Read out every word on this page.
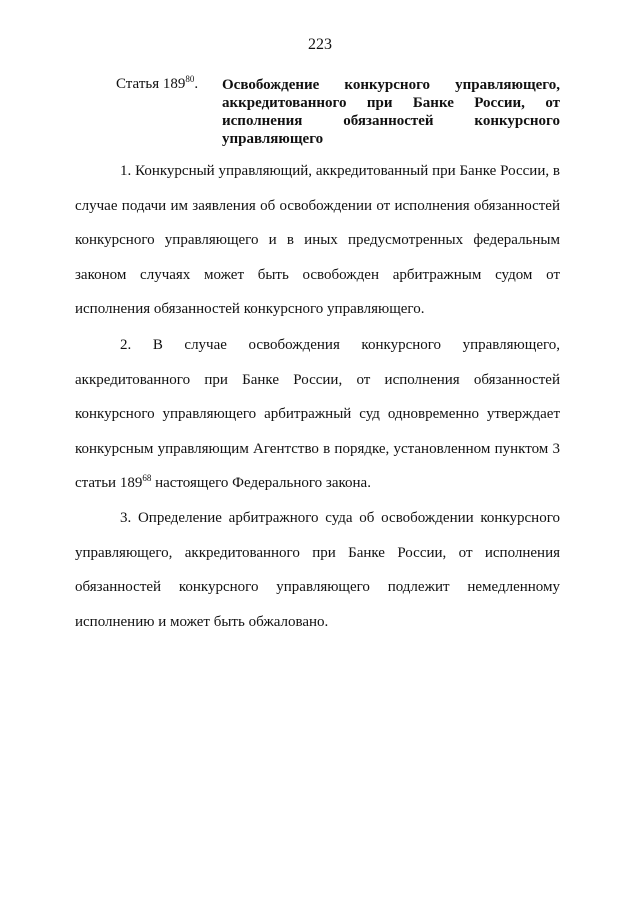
223
Статья $189^{80}$. Освобождение конкурсного управляющего, аккредитованного при Банке России, от исполнения обязанностей конкурсного управляющего

1. Конкурсный управляющий, аккредитованный при Банке России, в случае подачи им заявления об освобождении от исполнения обязанностей конкурсного управляющего и в иных предусмотренных федеральным законом случаях может быть освобожден арбитражным судом от исполнения обязанностей конкурсного управляющего.

2. В случае освобождения конкурсного управляющего, аккредитованного при Банке России, от исполнения обязанностей конкурсного управляющего арбитражный суд одновременно утверждает конкурсным управляющим Агентство в порядке, установленном пунктом 3 статьи 189$^{68}$ настоящего Федерального закона.

3. Определение арбитражного суда об освобождении конкурсного управляющего, аккредитованного при Банке России, от исполнения обязанностей конкурсного управляющего подлежит немедленному исполнению и может быть обжаловано.
